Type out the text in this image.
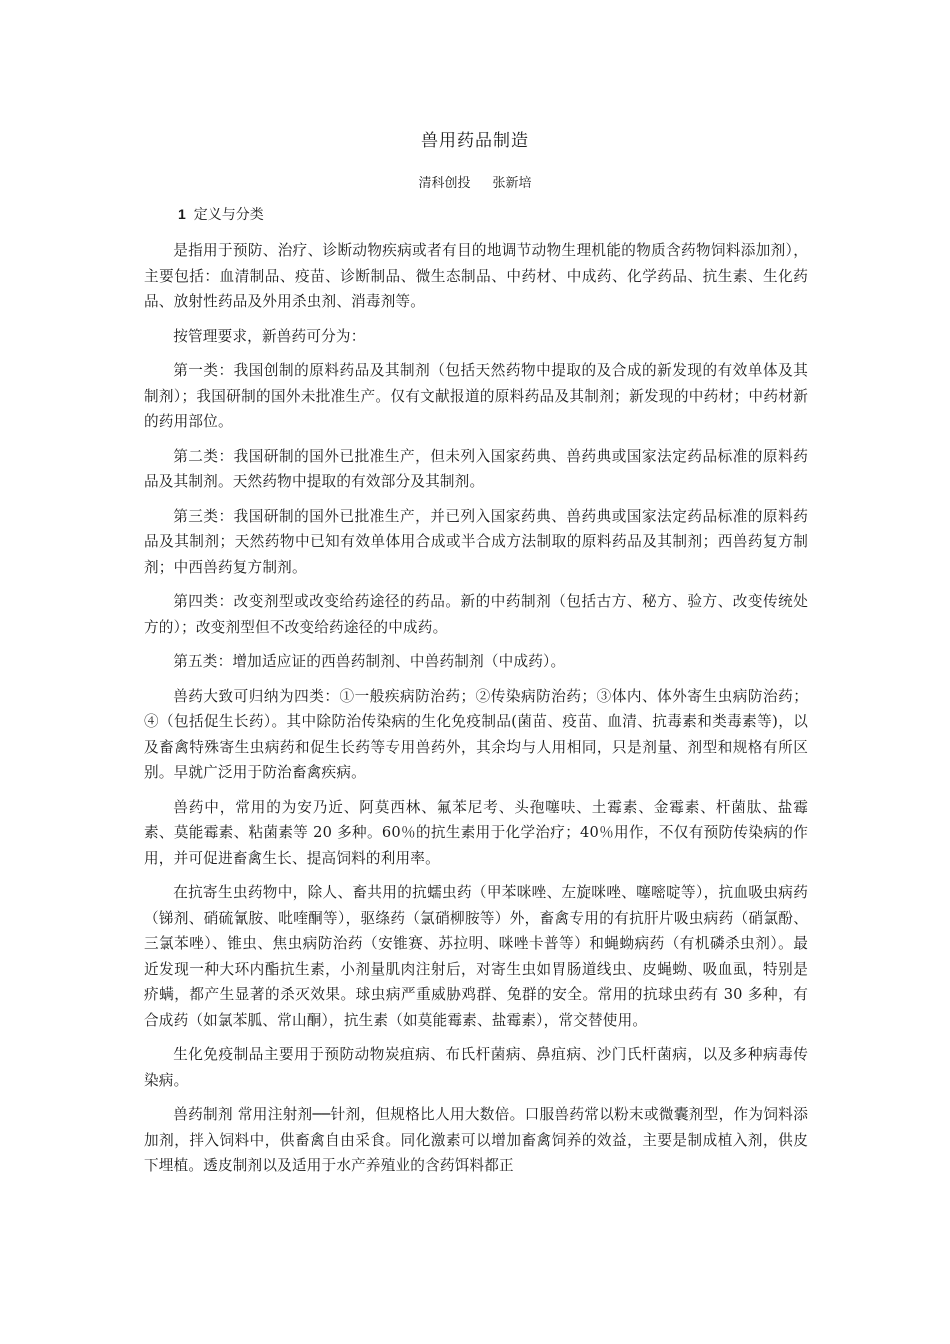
兽用药品制造
清科创投 张新培
1 定义与分类

是指用于预防、治疗、诊断动物疾病或者有目的地调节动物生理机能的物质含药物饲料添加剂），主要包括：血清制品、疫苗、诊断制品、微生态制品、中药材、中成药、化学药品、抗生素、生化药品、放射性药品及外用杀虫剂、消毒剂等。

按管理要求，新兽药可分为：

第一类：我国创制的原料药品及其制剂（包括天然药物中提取的及合成的新发现的有效单体及其制剂）；我国研制的国外未批准生产。仅有文献报道的原料药品及其制剂；新发现的中药材；中药材新的药用部位。

第二类：我国研制的国外已批准生产，但未列入国家药典、兽药典或国家法定药品标准的原料药品及其制剂。天然药物中提取的有效部分及其制剂。

第三类：我国研制的国外已批准生产，并已列入国家药典、兽药典或国家法定药品标准的原料药品及其制剂；天然药物中已知有效单体用合成或半合成方法制取的原料药品及其制剂；西兽药复方制剂；中西兽药复方制剂。

第四类：改变剂型或改变给药途径的药品。新的中药制剂（包括古方、秘方、验方、改变传统处方的）；改变剂型但不改变给药途径的中成药。

第五类：增加适应证的西兽药制剂、中兽药制剂（中成药）。

兽药大致可归纳为四类：①一般疾病防治药；②传染病防治药；③体内、体外寄生虫病防治药；④（包括促生长药）。其中除防治传染病的生化免疫制品(菌苗、疫苗、血清、抗毒素和类毒素等)，以及畜禽特殊寄生虫病药和促生长药等专用兽药外，其余均与人用相同，只是剂量、剂型和规格有所区别。早就广泛用于防治畜禽疾病。

兽药中，常用的为安乃近、阿莫西林、氟苯尼考、头孢噻呋、土霉素、金霉素、杆菌肽、盐霉素、莫能霉素、粘菌素等 20 多种。60％的抗生素用于化学治疗；40％用作，不仅有预防传染病的作用，并可促进畜禽生长、提高饲料的利用率。

在抗寄生虫药物中，除人、畜共用的抗蠕虫药（甲苯咪唑、左旋咪唑、噻嘧啶等），抗血吸虫病药（锑剂、硝硫氰胺、吡喹酮等），驱绦药（氯硝柳胺等）外，畜禽专用的有抗肝片吸虫病药（硝氯酚、三氯苯唑）、锥虫、焦虫病防治药（安锥赛、苏拉明、咪唑卡普等）和蝇蚴病药（有机磷杀虫剂）。最近发现一种大环内酯抗生素，小剂量肌肉注射后，对寄生虫如胃肠道线虫、皮蝇蚴、吸血虱，特别是疥螨，都产生显著的杀灭效果。球虫病严重威胁鸡群、兔群的安全。常用的抗球虫药有 30 多种，有合成药（如氯苯胍、常山酮），抗生素（如莫能霉素、盐霉素），常交替使用。

生化免疫制品主要用于预防动物炭疽病、布氏杆菌病、鼻疽病、沙门氏杆菌病，以及多种病毒传染病。

兽药制剂 常用注射剂──针剂，但规格比人用大数倍。口服兽药常以粉末或微囊剂型，作为饲料添加剂，拌入饲料中，供畜禽自由采食。同化激素可以增加畜禽饲养的效益，主要是制成植入剂，供皮下埋植。透皮制剂以及适用于水产养殖业的含药饵料都正
